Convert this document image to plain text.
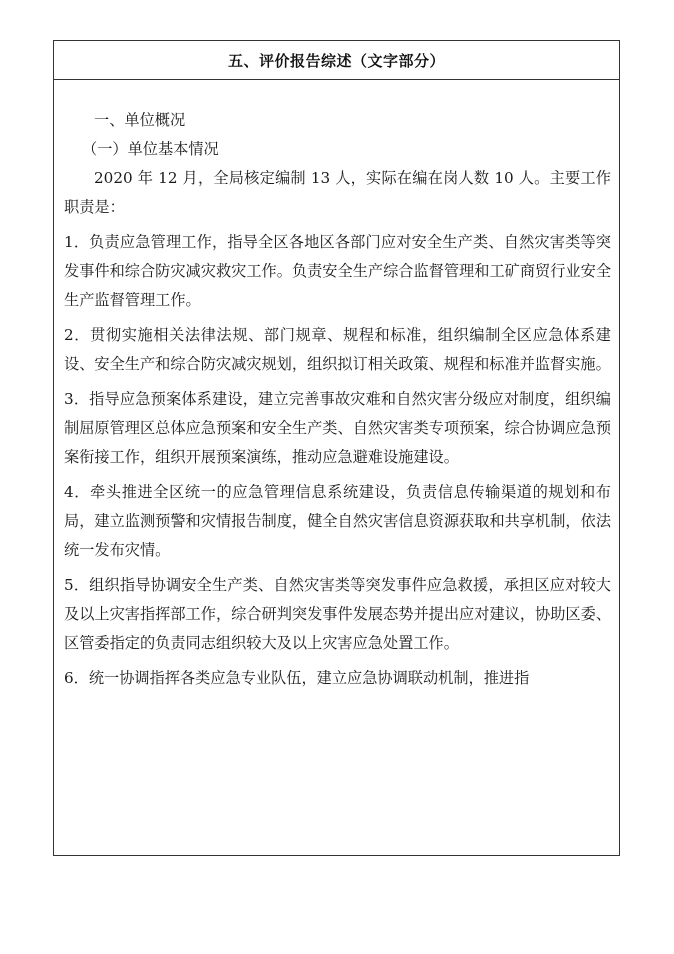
五、评价报告综述（文字部分）
一、单位概况
（一）单位基本情况
2020 年 12 月，全局核定编制 13 人，实际在编在岗人数 10 人。主要工作职责是：
1．负责应急管理工作，指导全区各地区各部门应对安全生产类、自然灾害类等突发事件和综合防灾减灾救灾工作。负责安全生产综合监督管理和工矿商贸行业安全生产监督管理工作。
2．贯彻实施相关法律法规、部门规章、规程和标准，组织编制全区应急体系建设、安全生产和综合防灾减灾规划，组织拟订相关政策、规程和标准并监督实施。
3．指导应急预案体系建设，建立完善事故灾难和自然灾害分级应对制度，组织编制屈原管理区总体应急预案和安全生产类、自然灾害类专项预案，综合协调应急预案衔接工作，组织开展预案演练，推动应急避难设施建设。
4．牵头推进全区统一的应急管理信息系统建设，负责信息传输渠道的规划和布局，建立监测预警和灾情报告制度，健全自然灾害信息资源获取和共享机制，依法统一发布灾情。
5．组织指导协调安全生产类、自然灾害类等突发事件应急救援，承担区应对较大及以上灾害指挥部工作，综合研判突发事件发展态势并提出应对建议，协助区委、区管委指定的负责同志组织较大及以上灾害应急处置工作。
6．统一协调指挥各类应急专业队伍，建立应急协调联动机制，推进指
